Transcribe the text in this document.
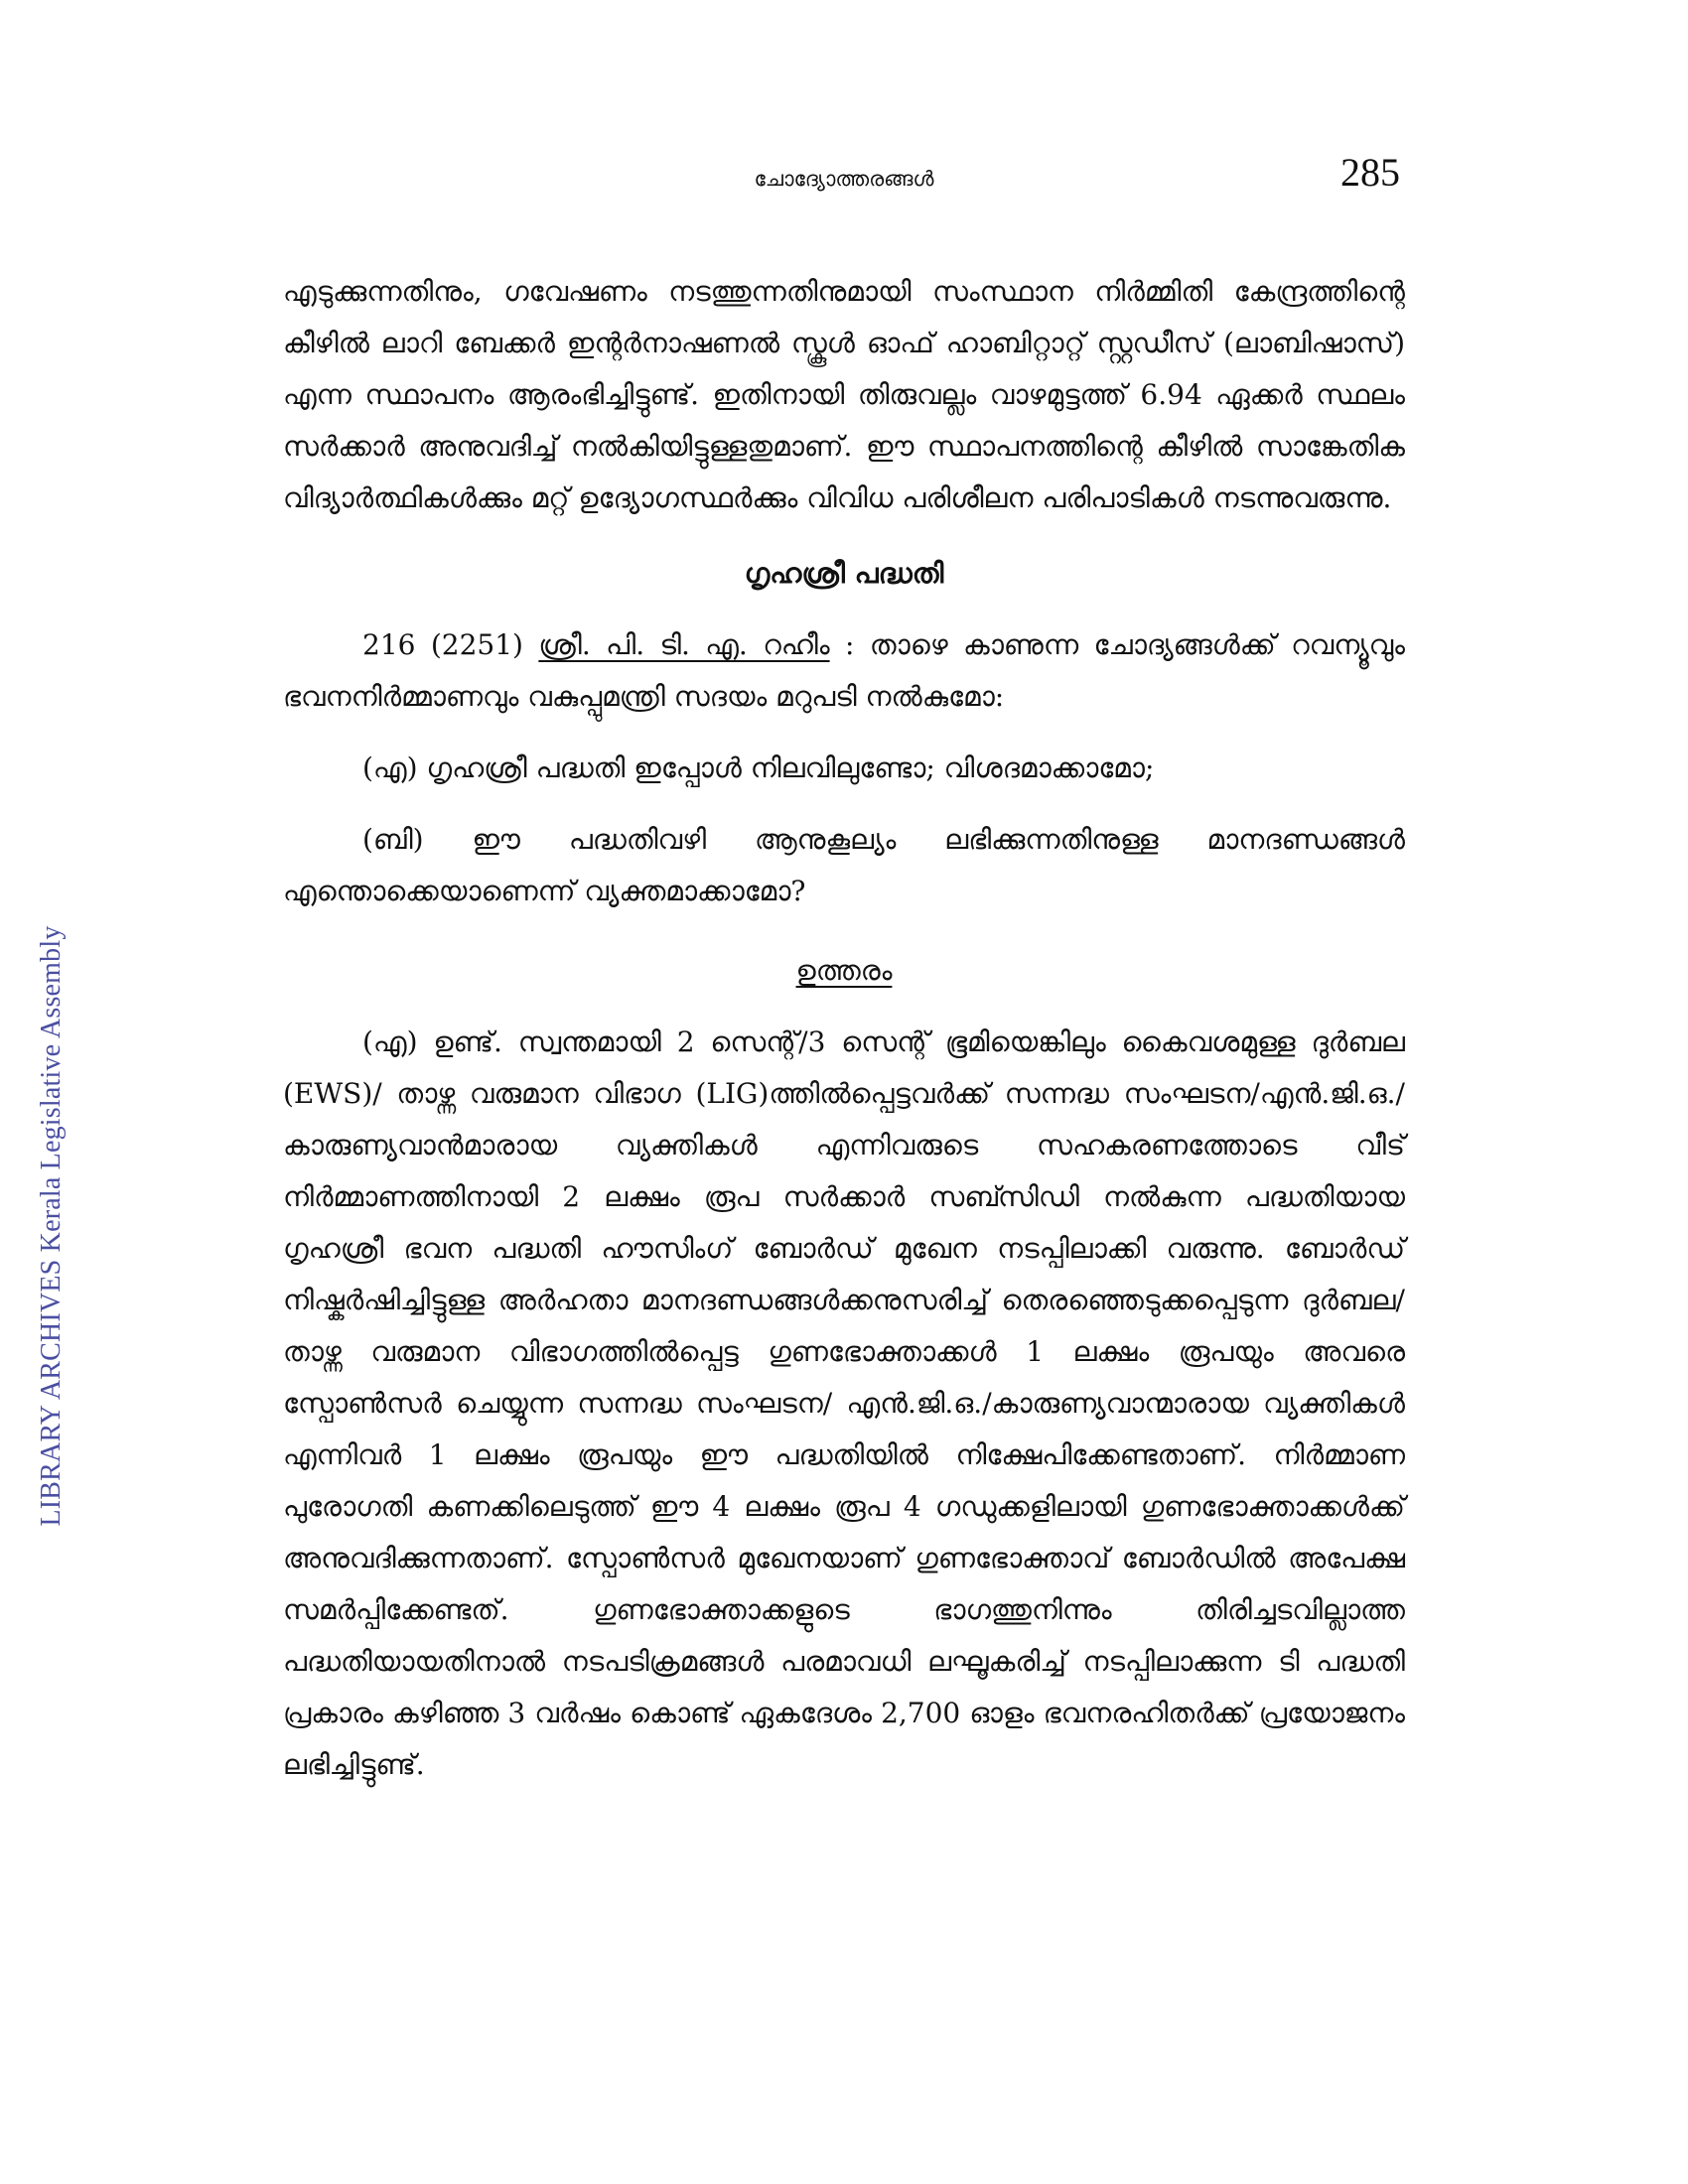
LIBRARY ARCHIVES Kerala Legislative Assembly
ചോദ്യോത്തരങ്ങൾ	285

എടുക്കുന്നതിനും, ഗവേഷണം നടത്തുന്നതിനുമായി സംസ്ഥാന നിർമ്മിതി കേന്ദ്രത്തിന്റെ കീഴിൽ ലാറി ബേക്കർ ഇന്റർനാഷണൽ സ്കൂൾ ഓഫ് ഹാബിറ്റാറ്റ് സ്റ്റഡീസ് (ലാബിഷാസ്) എന്ന സ്ഥാപനം ആരംഭിച്ചിട്ടുണ്ട്. ഇതിനായി തിരുവല്ലം വാഴമുട്ടത്ത് 6.94 ഏക്കർ സ്ഥലം സർക്കാർ അനുവദിച്ച് നൽകിയിട്ടുള്ളതുമാണ്. ഈ സ്ഥാപനത്തിന്റെ കീഴിൽ സാങ്കേതിക വിദ്യാർത്ഥികൾക്കും മറ്റ് ഉദ്യോഗസ്ഥർക്കും വിവിധ പരിശീലന പരിപാടികൾ നടന്നുവരുന്നു.

ഗൃഹശ്രീ പദ്ധതി

216 (2251) ശ്രീ. പി. ടി. എ. റഹീം : താഴെ കാണുന്ന ചോദ്യങ്ങൾക്ക് റവന്യൂവും ഭവനനിർമ്മാണവും വകുപ്പുമന്ത്രി സദയം മറുപടി നൽകുമോ:

(എ) ഗൃഹശ്രീ പദ്ധതി ഇപ്പോൾ നിലവിലുണ്ടോ; വിശദമാക്കാമോ;

(ബി) ഈ പദ്ധതിവഴി ആനുകൂല്യം ലഭിക്കുന്നതിനുള്ള മാനദണ്ഡങ്ങൾ എന്തൊക്കെയാണെന്ന് വ്യക്തമാക്കാമോ?

ഉത്തരം

(എ) ഉണ്ട്. സ്വന്തമായി 2 സെന്റ്/3 സെന്റ് ഭൂമിയെങ്കിലും കൈവശമുള്ള ദുർബല (EWS)/ താഴ്ന്ന വരുമാന വിഭാഗ (LIG)ത്തിൽപ്പെട്ടവർക്ക് സന്നദ്ധ സംഘടന/എൻ.ജി.ഒ./കാരുണ്യവാൻമാരായ വ്യക്തികൾ എന്നിവരുടെ സഹകരണത്തോടെ വീട് നിർമ്മാണത്തിനായി 2 ലക്ഷം രൂപ സർക്കാർ സബ്സിഡി നൽകുന്ന പദ്ധതിയായ ഗൃഹശ്രീ ഭവന പദ്ധതി ഹൗസിംഗ് ബോർഡ് മുഖേന നടപ്പിലാക്കി വരുന്നു. ബോർഡ് നിഷ്കർഷിച്ചിട്ടുള്ള അർഹതാ മാനദണ്ഡങ്ങൾക്കനുസരിച്ച് തെരഞ്ഞെടുക്കപ്പെടുന്ന ദുർബല/താഴ്ന്ന വരുമാന വിഭാഗത്തിൽപ്പെട്ട ഗുണഭോക്താക്കൾ 1 ലക്ഷം രൂപയും അവരെ സ്പോൺസർ ചെയ്യുന്ന സന്നദ്ധ സംഘടന/ എൻ.ജി.ഒ./കാരുണ്യവാന്മാരായ വ്യക്തികൾ എന്നിവർ 1 ലക്ഷം രൂപയും ഈ പദ്ധതിയിൽ നിക്ഷേപിക്കേണ്ടതാണ്. നിർമ്മാണ പുരോഗതി കണക്കിലെടുത്ത് ഈ 4 ലക്ഷം രൂപ 4 ഗഡുക്കളിലായി ഗുണഭോക്താക്കൾക്ക് അനുവദിക്കുന്നതാണ്. സ്പോൺസർ മുഖേനയാണ് ഗുണഭോക്താവ് ബോർഡിൽ അപേക്ഷ സമർപ്പിക്കേണ്ടത്. ഗുണഭോക്താക്കളുടെ ഭാഗത്തുനിന്നും തിരിച്ചടവില്ലാത്ത പദ്ധതിയായതിനാൽ നടപടിക്രമങ്ങൾ പരമാവധി ലഘൂകരിച്ച് നടപ്പിലാക്കുന്ന ടി പദ്ധതി പ്രകാരം കഴിഞ്ഞ 3 വർഷം കൊണ്ട് ഏകദേശം 2,700 ഓളം ഭവനരഹിതർക്ക് പ്രയോജനം ലഭിച്ചിട്ടുണ്ട്.
